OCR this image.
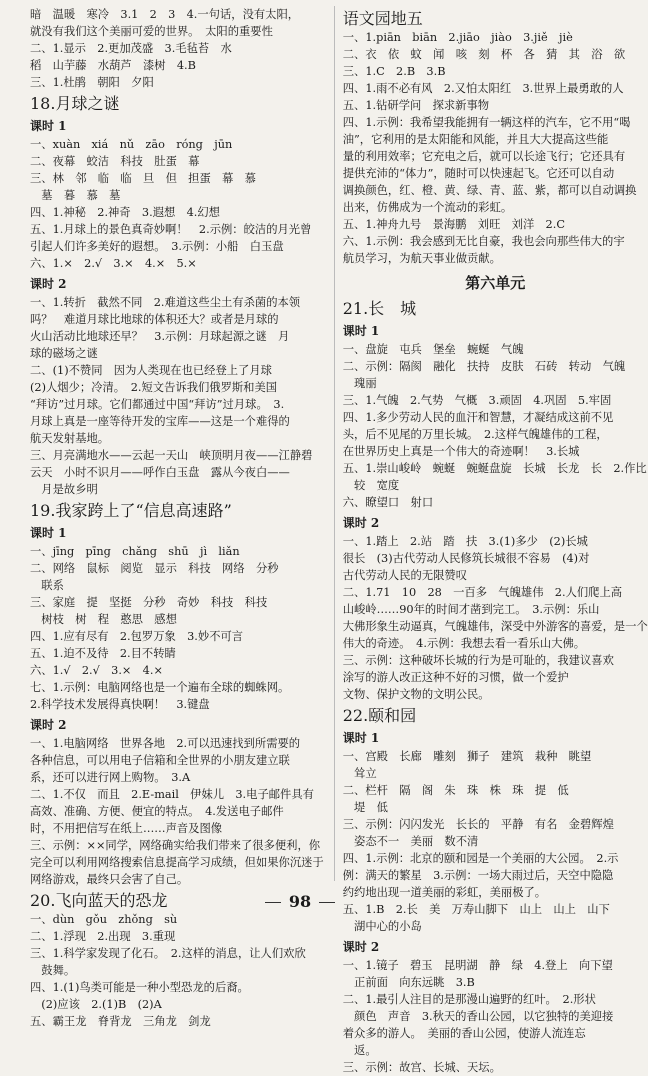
暗　温暖　寒冷　3.1　2　3　4.一句话，没有太阳，
就没有我们这个美丽可爱的世界。　太阳的重要性
二、1.显示　2.更加茂盛　3.毛毡苔　水
稻　山芋藤　水葫芦　漆树　4.B
三、1.杜鹃　朝阳　夕阳
18.月球之谜
课时 1
一、xuàn　xiá　nǔ　zāo　róng　jūn
二、夜幕　蛟洁　科技　肚蛋　幕
三、林　邻　临　临　旦　但　担蛋　幕　慕
　墓　暮　慕　墓
四、1.神秘　2.神奇　3.遐想　4.幻想
五、1.月球上的景色真奇妙啊！　2.示例：皎洁的月光曾
引起人们许多美好的遐想。　3.示例：小船　白玉盘
六、1.×　2.√　3.×　4.×　5.×
课时 2
一、1.转折　截然不同　2.难道这些尘土有杀菌的本领
吗？　难道月球比地球的体积还大？或者是月球的
火山活动比地球还早？　3.示例：月球起源之谜　月
球的磁场之谜
二、(1)不赞同　因为人类现在也已经登上了月球
(2)人烟少；冷清。　2.短文告诉我们俄罗斯和美国
“拜访”过月球。它们都通过中国“拜访”过月球。　3.
月球上真是一座等待开发的宝库——这是一个难得的
航天发射基地。
三、月亮满地水——云起一天山　峡顶明月夜——江静碧
云天　小时不识月——呼作白玉盘　露从今夜白——
　月是故乡明
19.我家跨上了“信息高速路”
课时 1
一、jīng　pīng　chǎng　shū　jì　liǎn
二、网络　鼠标　阅览　显示　科技　网络　分秒
　联系
三、家庭　提　坚挺　分秒　奇妙　科技　科技
　树枝　树　程　憨思　感想
四、1.应有尽有　2.包罗万象　3.妙不可言
五、1.迫不及待　2.目不转睛
六、1.√　2.√　3.×　4.×
七、1.示例：电脑网络也是一个遍布全球的蜘蛛网。
2.科学技术发展得真快啊！　3.键盘
课时 2
一、1.电脑网络　世界各地　2.可以迅速找到所需要的
各种信息，可以用电子信箱和全世界的小朋友建立联
系，还可以进行网上购物。　3.A
二、1.不仅　而且　2.E-mail　伊妹儿　3.电子邮件具有
高效、准确、方便、便宜的特点。　4.发送电子邮件
时，不用把信写在纸上……声音及图像
三、示例：××同学，网络确实给我们带来了很多便利，你
完全可以利用网络搜索信息提高学习成绩，但如果你沉迷于
网络游戏，最终只会害了自己。
20.飞向蓝天的恐龙
一、dùn　gǒu　zhǒng　sù
二、1.浮现　2.出现　3.重现
三、1.科学家发现了化石。　2.这样的消息，让人们欢欣
　鼓舞。
四、1.(1)鸟类可能是一种小型恐龙的后裔。
　(2)应该　2.(1)B　(2)A
五、霸王龙　脊背龙　三角龙　剑龙
语文园地五
一、1.piān　biān　2.jiāo　jiào　3.jiě　jiè
二、衣　依　蚊　闻　咳　刻　杯　各　猜　其　浴　欲
三、1.C　2.B　3.B
四、1.雨不必有风　2.又怕太阳红　3.世界上最勇敢的人
五、1.钻研学问　探求新事物
四、1.示例：我希望我能拥有一辆这样的汽车，它不用“喝
油”，它利用的是太阳能和风能，并且大大提高这些能
量的利用效率；它充电之后，就可以长途飞行；它还具有
提供充沛的“体力”，随时可以快速起飞。它还可以自动
调换颜色，红、橙、黄、绿、青、蓝、紫，都可以自动调换
出来，仿佛成为一个流动的彩虹。
五、1.神舟九号　景海鹏　刘旺　刘洋　2.C
六、1.示例：我会感到无比自豪，我也会向那些伟大的宇
航员学习，为航天事业做贡献。
第六单元
21.长　城
课时 1
一、盘旋　屯兵　堡垒　蜿蜒　气魄
二、示例：隔阂　融化　扶持　皮肤　石砖　转动　气魄
　瑰丽
三、1.气魄　2.气势　气概　3.顽固　4.巩固　5.牢固
四、1.多少劳动人民的血汗和智慧，才凝结成这前不见
头，后不见尾的万里长城。　2.这样气魄雄伟的工程，
在世界历史上真是一个伟大的奇迹啊！　3.长城
五、1.崇山峻岭　蜿蜒　蜿蜒盘旋　长城　长龙　长　2.作比
　较　宽度
六、瞭望口　射口
课时 2
一、1.踏上　2.站　踏　扶　3.(1)多少　(2)长城
很长　(3)古代劳动人民修筑长城很不容易　(4)对
古代劳动人民的无限赞叹
二、1.71　10　28　一百多　气魄雄伟　2.人们爬上高
山峻岭……90年的时间才凿到完工。　3.示例：乐山
大佛形象生动逼真，气魄雄伟，深受中外游客的喜爱，是一个
伟大的奇迹。　4.示例：我想去看一看乐山大佛。
三、示例：这种破坏长城的行为是可耻的，我建议喜欢
涂写的游人改正这种不好的习惯，做一个爱护
文物、保护文物的文明公民。
22.颐和园
课时 1
一、宫殿　长廊　雕刻　狮子　建筑　栽种　眺望
　耸立
二、栏杆　隔　阁　朱　珠　株　珠　提　低
　堤　低
三、示例：闪闪发光　长长的　平静　有名　金碧辉煌
　姿态不一　美丽　数不清
四、1.示例：北京的颐和园是一个美丽的大公园。　2.示
例：满天的繁星　3.示例：一场大雨过后，天空中隐隐
约约地出现一道美丽的彩虹，美丽极了。
五、1.B　2.长　美　万寿山脚下　山上　山上　山下
　湖中心的小岛
课时 2
一、1.镜子　碧玉　昆明湖　静　绿　4.登上　向下望
　正前面　向东远眺　3.B
二、1.最引人注目的是那漫山遍野的红叶。　2.形状
　颜色　声音　3.秋天的香山公园，以它独特的美迎接
着众多的游人。　美丽的香山公园，使游人流连忘
　返。
三、示例：故宫、长城、天坛。
98
